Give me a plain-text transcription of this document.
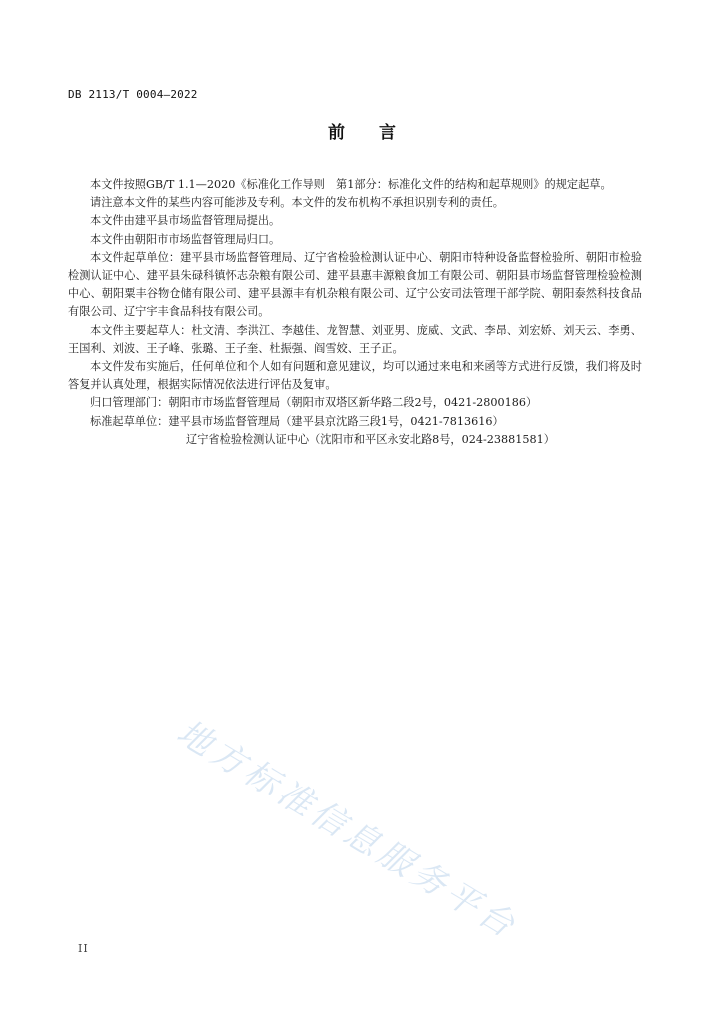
DB 2113/T 0004—2022
前言

本文件按照GB/T 1.1—2020《标准化工作导则　第1部分：标准化文件的结构和起草规则》的规定起草。

请注意本文件的某些内容可能涉及专利。本文件的发布机构不承担识别专利的责任。

本文件由建平县市场监督管理局提出。

本文件由朝阳市市场监督管理局归口。

本文件起草单位：建平县市场监督管理局、辽宁省检验检测认证中心、朝阳市特种设备监督检验所、朝阳市检验检测认证中心、建平县朱碌科镇怀志杂粮有限公司、建平县惠丰源粮食加工有限公司、朝阳县市场监督管理检验检测中心、朝阳粟丰谷物仓储有限公司、建平县源丰有机杂粮有限公司、辽宁公安司法管理干部学院、朝阳泰然科技食品有限公司、辽宁宇丰食品科技有限公司。

本文件主要起草人：杜文清、李洪江、李越佳、龙智慧、刘亚男、庞威、文武、李昂、刘宏娇、刘天云、李勇、王国利、刘波、王子峰、张璐、王子奎、杜振强、阎雪姣、王子正。

本文件发布实施后，任何单位和个人如有问题和意见建议，均可以通过来电和来函等方式进行反馈，我们将及时答复并认真处理，根据实际情况依法进行评估及复审。

归口管理部门：朝阳市市场监督管理局（朝阳市双塔区新华路二段2号，0421-2800186）

标准起草单位：建平县市场监督管理局（建平县京沈路三段1号，0421-7813616）

辽宁省检验检测认证中心（沈阳市和平区永安北路8号，024-23881581）

地方标准信息服务平台
II
